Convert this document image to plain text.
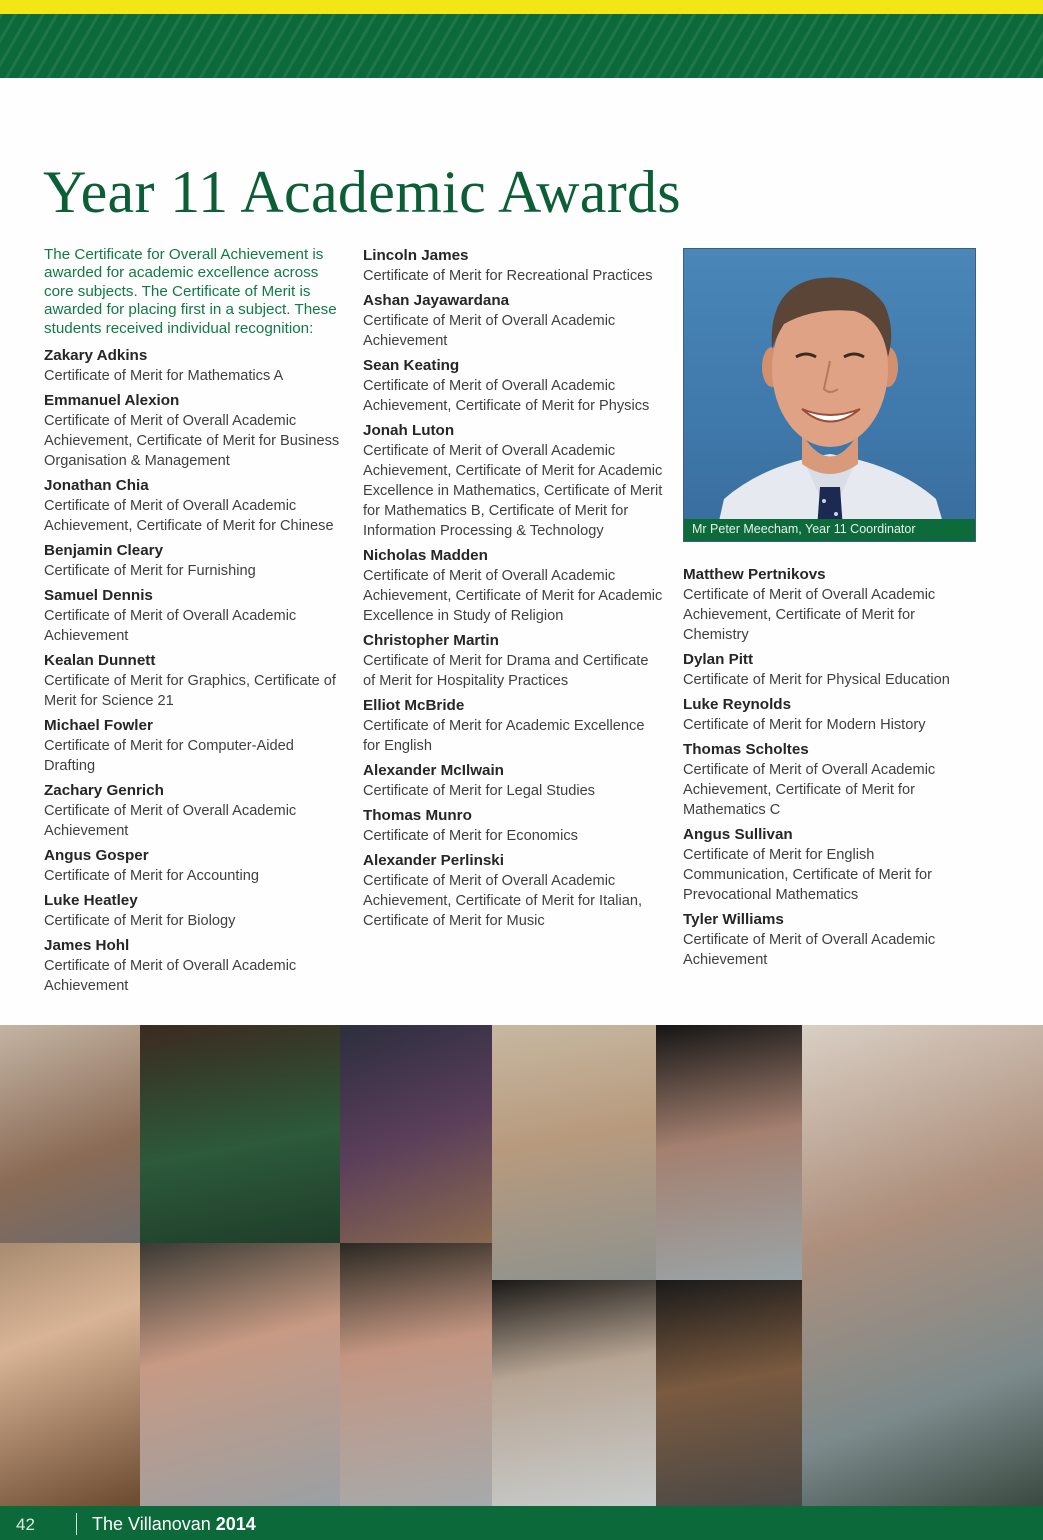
Year 11 Academic Awards

The Certificate for Overall Achievement is awarded for academic excellence across core subjects. The Certificate of Merit is awarded for placing first in a subject. These students received individual recognition:

Zakary Adkins
Certificate of Merit for Mathematics A
Emmanuel Alexion
Certificate of Merit of Overall Academic Achievement, Certificate of Merit for Business Organisation & Management
Jonathan Chia
Certificate of Merit of Overall Academic Achievement, Certificate of Merit for Chinese
Benjamin Cleary
Certificate of Merit for Furnishing
Samuel Dennis
Certificate of Merit of Overall Academic Achievement
Kealan Dunnett
Certificate of Merit for Graphics, Certificate of Merit for Science 21
Michael Fowler
Certificate of Merit for Computer-Aided Drafting
Zachary Genrich
Certificate of Merit of Overall Academic Achievement
Angus Gosper
Certificate of Merit for Accounting
Luke Heatley
Certificate of Merit for Biology
James Hohl
Certificate of Merit of Overall Academic Achievement
Lincoln James
Certificate of Merit for Recreational Practices
Ashan Jayawardana
Certificate of Merit of Overall Academic Achievement
Sean Keating
Certificate of Merit of Overall Academic Achievement, Certificate of Merit for Physics
Jonah Luton
Certificate of Merit of Overall Academic Achievement, Certificate of Merit for Academic Excellence in Mathematics, Certificate of Merit for Mathematics B, Certificate of Merit for Information Processing & Technology
Nicholas Madden
Certificate of Merit of Overall Academic Achievement, Certificate of Merit for Academic Excellence in Study of Religion
Christopher Martin
Certificate of Merit for Drama and Certificate of Merit for Hospitality Practices
Elliot McBride
Certificate of Merit for Academic Excellence for English
Alexander McIlwain
Certificate of Merit for Legal Studies
Thomas Munro
Certificate of Merit for Economics
Alexander Perlinski
Certificate of Merit of Overall Academic Achievement, Certificate of Merit for Italian, Certificate of Merit for Music
Matthew Pertnikovs
Certificate of Merit of Overall Academic Achievement, Certificate of Merit for Chemistry
Dylan Pitt
Certificate of Merit for Physical Education
Luke Reynolds
Certificate of Merit for Modern History
Thomas Scholtes
Certificate of Merit of Overall Academic Achievement, Certificate of Merit for Mathematics C
Angus Sullivan
Certificate of Merit for English Communication, Certificate of Merit for Prevocational Mathematics
Tyler Williams
Certificate of Merit of Overall Academic Achievement
Mr Peter Meecham, Year 11 Coordinator
42	The Villanovan 2014
